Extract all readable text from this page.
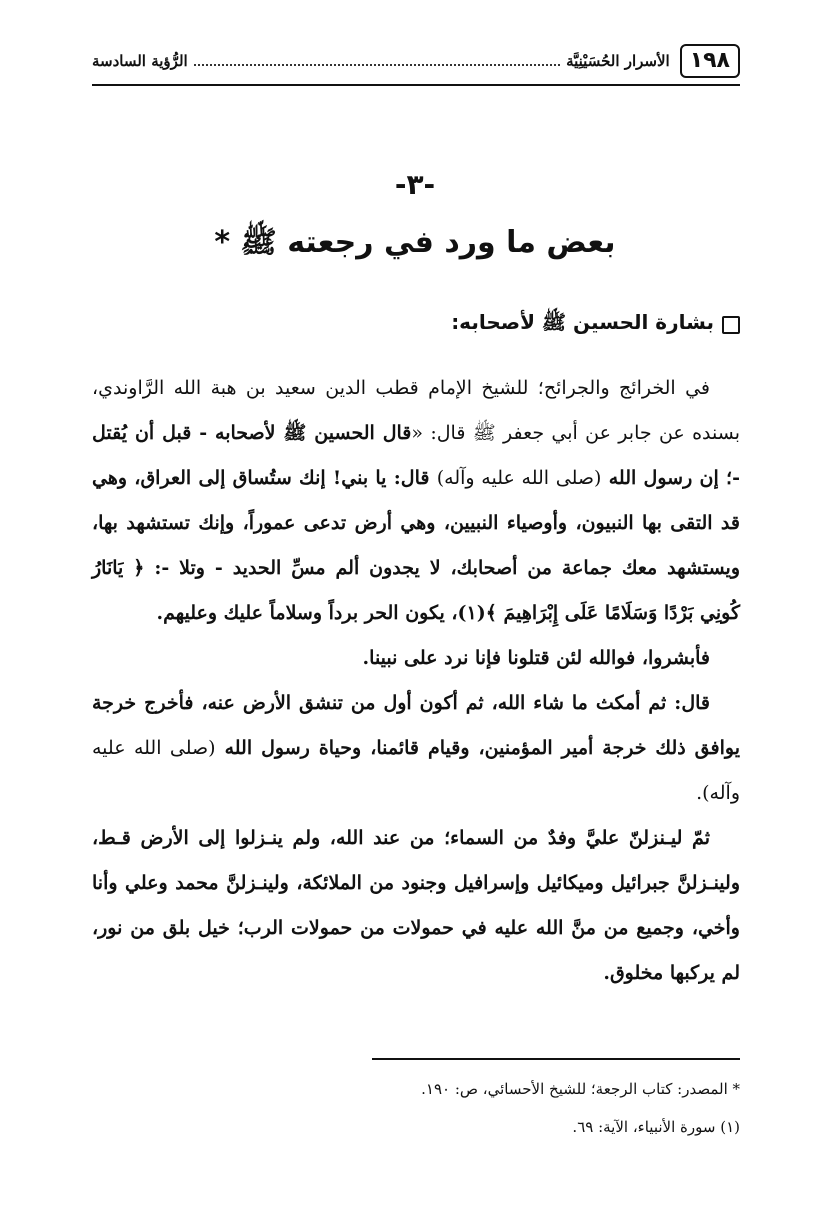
١٩٨
الأسرار الحُسَيْنِيَّة
الرُّؤية السادسة
-٣-
بعض ما ورد في رجعته ﷺ *
بشارة الحسين ﷺ لأصحابه:

في الخرائج والجرائح؛ للشيخ الإمام قطب الدين سعيد بن هبة الله الرَّاوندي، بسنده عن جابر عن أبي جعفر ﷺ قال: «قال الحسين ﷺ لأصحابه - قبل أن يُقتل -؛ إن رسول الله (صلى الله عليه وآله) قال: يا بني! إنك ستُساق إلى العراق، وهي قد التقى بها النبيون، وأوصياء النبيين، وهي أرض تدعى عموراً، وإنك تستشهد بها، ويستشهد معك جماعة من أصحابك، لا يجدون ألم مسِّ الحديد - وتلا -: ﴿ يَانَارُ كُونِي بَرْدًا وَسَلَامًا عَلَى إِبْرَاهِيمَ ﴾(١)، يكون الحر برداً وسلاماً عليك وعليهم.

فأبشروا، فوالله لئن قتلونا فإنا نرد على نبينا.

قال: ثم أمكث ما شاء الله، ثم أكون أول من تنشق الأرض عنه، فأخرج خرجة يوافق ذلك خرجة أمير المؤمنين، وقيام قائمنا، وحياة رسول الله (صلى الله عليه وآله).

ثمّ ليـنزلنّ عليَّ وفدٌ من السماء؛ من عند الله، ولم ينـزلوا إلى الأرض قـط، ولينـزلنَّ جبرائيل وميكائيل وإسرافيل وجنود من الملائكة، ولينـزلنَّ محمد وعلي وأنا وأخي، وجميع من منَّ الله عليه في حمولات من حمولات الرب؛ خيل بلق من نور، لم يركبها مخلوق.

* المصدر: كتاب الرجعة؛ للشيخ الأحسائي، ص: ١٩٠.

(١) سورة الأنبياء، الآية: ٦٩.
